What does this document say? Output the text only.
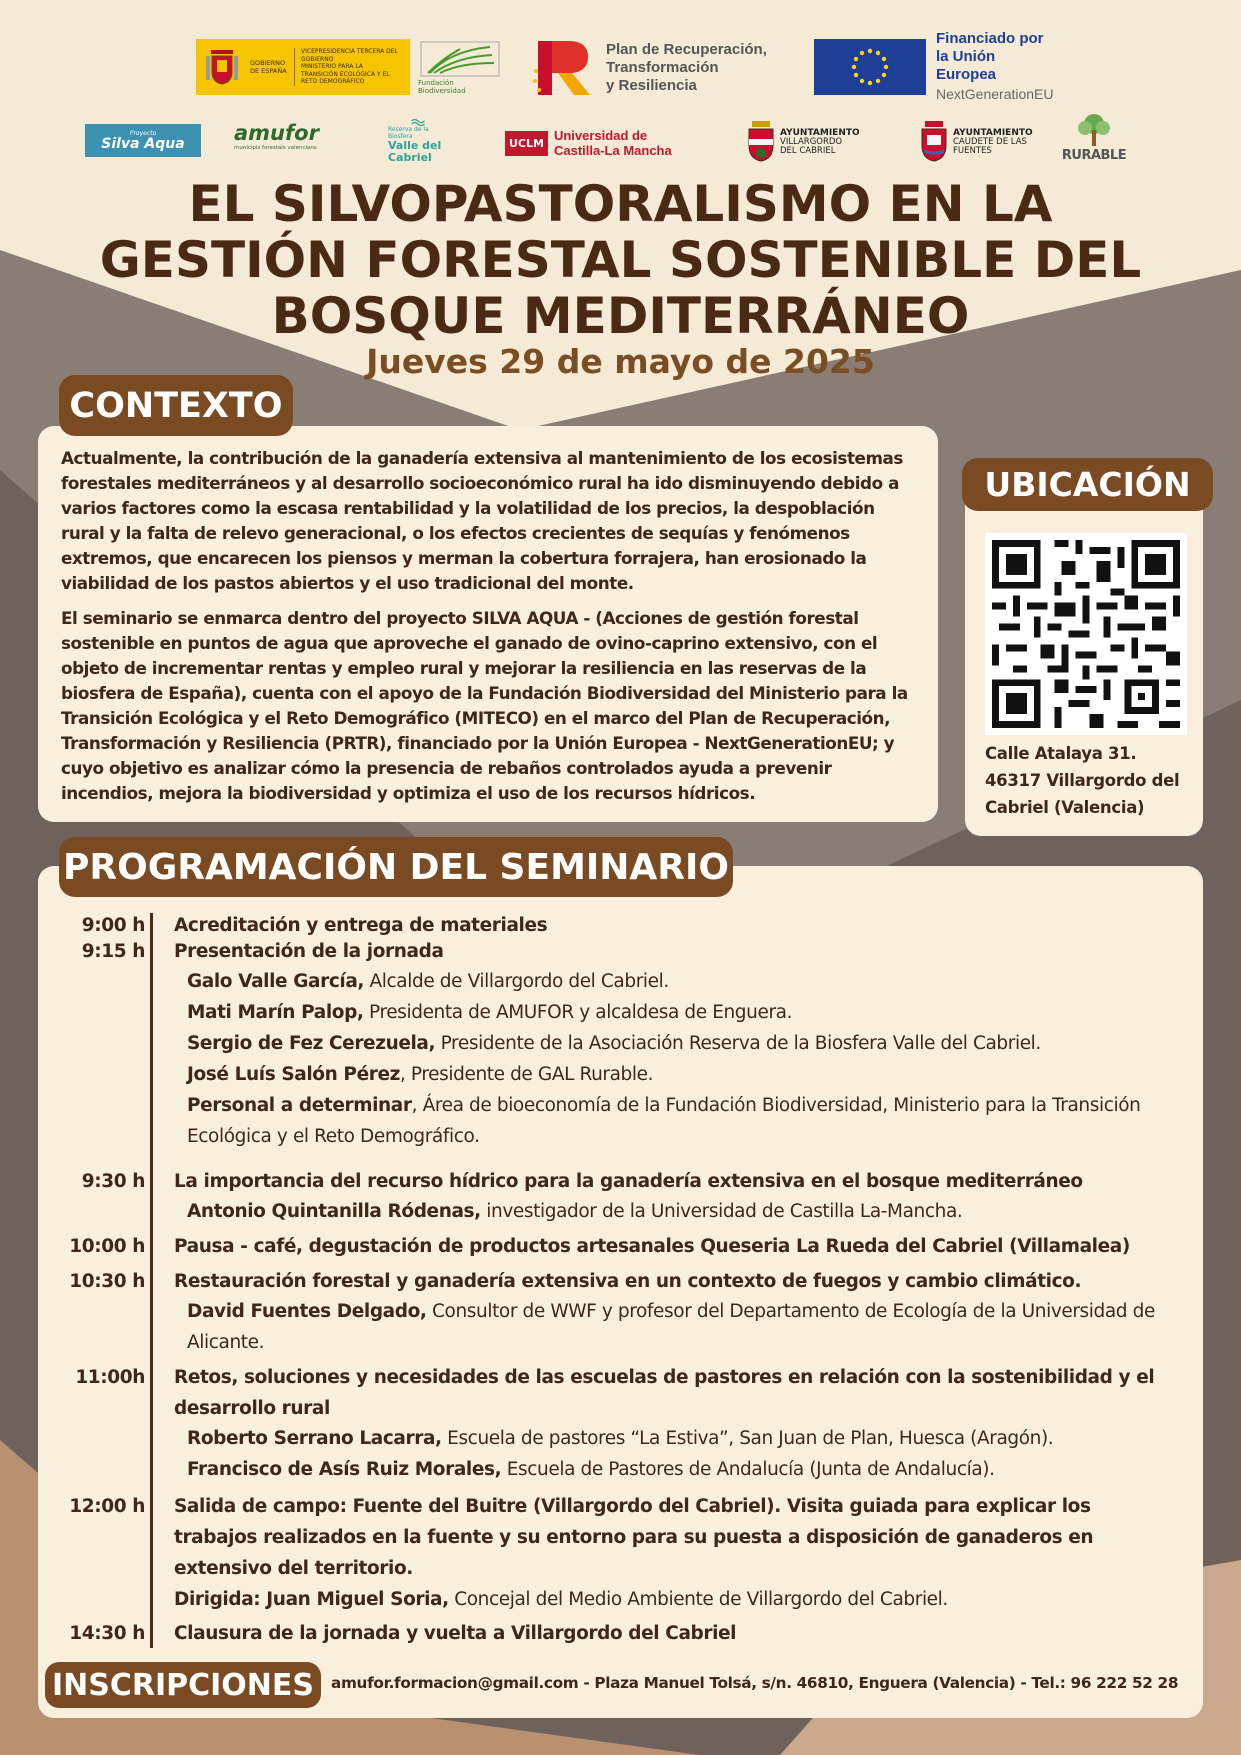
GOBIERNO
DE ESPAÑA
VICEPRESIDENCIA TERCERA DEL GOBIERNO
MINISTERIO PARA LA TRANSICIÓN ECOLÓGICA Y EL RETO DEMOGRÁFICO	Fundación Biodiversidad
Plan de Recuperación,
Transformación
y Resiliencia
Financiado por
la Unión Europea
NextGenerationEU
Proyecto
Silva Aqua amufor
municipis forestals valencians
Reserva de la Biosfera
Valle del Cabriel
UCLM Universidad de
Castilla-La Mancha
AYUNTAMIENTO
VILLARGORDO
DEL CABRIEL
AYUNTAMIENTO
CAUDETE DE LAS
FUENTES	RURABLE
EL SILVOPASTORALISMO EN LA
GESTIÓN FORESTAL SOSTENIBLE DEL
BOSQUE MEDITERRÁNEO
Jueves 29 de mayo de 2025
CONTEXTO

Actualmente, la contribución de la ganadería extensiva al mantenimiento de los ecosistemas forestales mediterráneos y al desarrollo socioeconómico rural ha ido disminuyendo debido a varios factores como la escasa rentabilidad y la volatilidad de los precios, la despoblación rural y la falta de relevo generacional, o los efectos crecientes de sequías y fenómenos extremos, que encarecen los piensos y merman la cobertura forrajera, han erosionado la viabilidad de los pastos abiertos y el uso tradicional del monte.

El seminario se enmarca dentro del proyecto SILVA AQUA - (Acciones de gestión forestal sostenible en puntos de agua que aproveche el ganado de ovino-caprino extensivo, con el objeto de incrementar rentas y empleo rural y mejorar la resiliencia en las reservas de la biosfera de España), cuenta con el apoyo de la Fundación Biodiversidad del Ministerio para la Transición Ecológica y el Reto Demográfico (MITECO) en el marco del Plan de Recuperación, Transformación y Resiliencia (PRTR), financiado por la Unión Europea - NextGenerationEU; y cuyo objetivo es analizar cómo la presencia de rebaños controlados ayuda a prevenir incendios, mejora la biodiversidad y optimiza el uso de los recursos hídricos.

UBICACIÓN
Calle Atalaya 31.
46317 Villargordo del
Cabriel (Valencia)
PROGRAMACIÓN DEL SEMINARIO
9:00 h Acreditación y entrega de materiales
9:15 h Presentación de la jornada
Galo Valle García, Alcalde de Villargordo del Cabriel.
Mati Marín Palop, Presidenta de AMUFOR y alcaldesa de Enguera.
Sergio de Fez Cerezuela, Presidente de la Asociación Reserva de la Biosfera Valle del Cabriel.
José Luís Salón Pérez, Presidente de GAL Rurable.
Personal a determinar, Área de bioeconomía de la Fundación Biodiversidad, Ministerio para la Transición Ecológica y el Reto Demográfico.
9:30 h La importancia del recurso hídrico para la ganadería extensiva en el bosque mediterráneo
Antonio Quintanilla Ródenas, investigador de la Universidad de Castilla La-Mancha.
10:00 h Pausa - café, degustación de productos artesanales Queseria La Rueda del Cabriel (Villamalea)
10:30 h Restauración forestal y ganadería extensiva en un contexto de fuegos y cambio climático.
David Fuentes Delgado, Consultor de WWF y profesor del Departamento de Ecología de la Universidad de Alicante.
11:00h Retos, soluciones y necesidades de las escuelas de pastores en relación con la sostenibilidad y el desarrollo rural
Roberto Serrano Lacarra, Escuela de pastores “La Estiva”, San Juan de Plan, Huesca (Aragón).
Francisco de Asís Ruiz Morales, Escuela de Pastores de Andalucía (Junta de Andalucía).
12:00 h Salida de campo: Fuente del Buitre (Villargordo del Cabriel). Visita guiada para explicar los trabajos realizados en la fuente y su entorno para su puesta a disposición de ganaderos en extensivo del territorio.
Dirigida: Juan Miguel Soria, Concejal del Medio Ambiente de Villargordo del Cabriel.
14:30 h Clausura de la jornada y vuelta a Villargordo del Cabriel
INSCRIPCIONES	amufor.formacion@gmail.com - Plaza Manuel Tolsá, s/n. 46810, Enguera (Valencia) - Tel.: 96 222 52 28
